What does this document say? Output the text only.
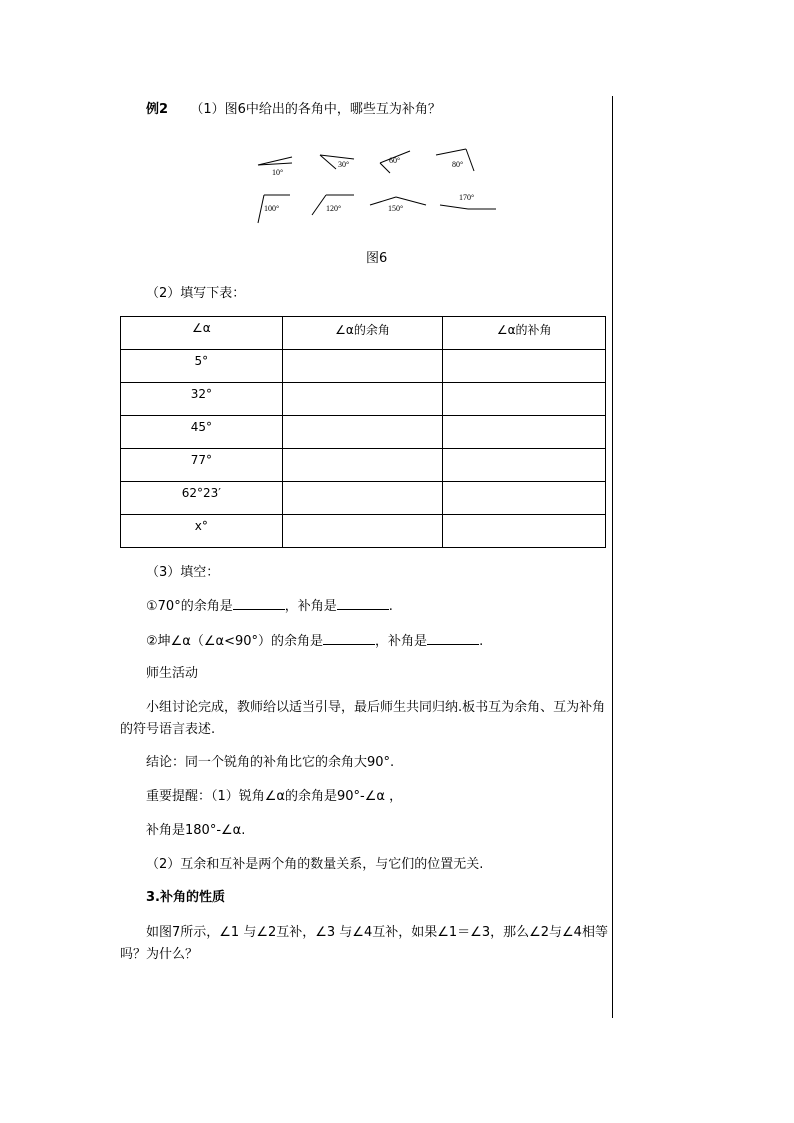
例2 （1）图6中给出的各角中，哪些互为补角？
10°
30°	60°	80°
100°	120°	150°
170°
图6
（2）填写下表：
∠α	∠α的余角	∠α的补角
5°		
32°		
45°		
77°		
62°23′		
x°		
（3）填空：
①70°的余角是	，补角是	.
②坤∠α（∠α<90°）的余角是	，补角是	.
师生活动
小组讨论完成，教师给以适当引导，最后师生共同归纳.板书互为余角、互为补角的符号语言表述.
结论：同一个锐角的补角比它的余角大90°.
重要提醒：（1）锐角∠α的余角是90°-∠α ，
补角是180°-∠α.
（2）互余和互补是两个角的数量关系，与它们的位置无关.
3.补角的性质
如图7所示，∠1 与∠2互补，∠3 与∠4互补，如果∠1＝∠3，那么∠2与∠4相等吗？为什么？
